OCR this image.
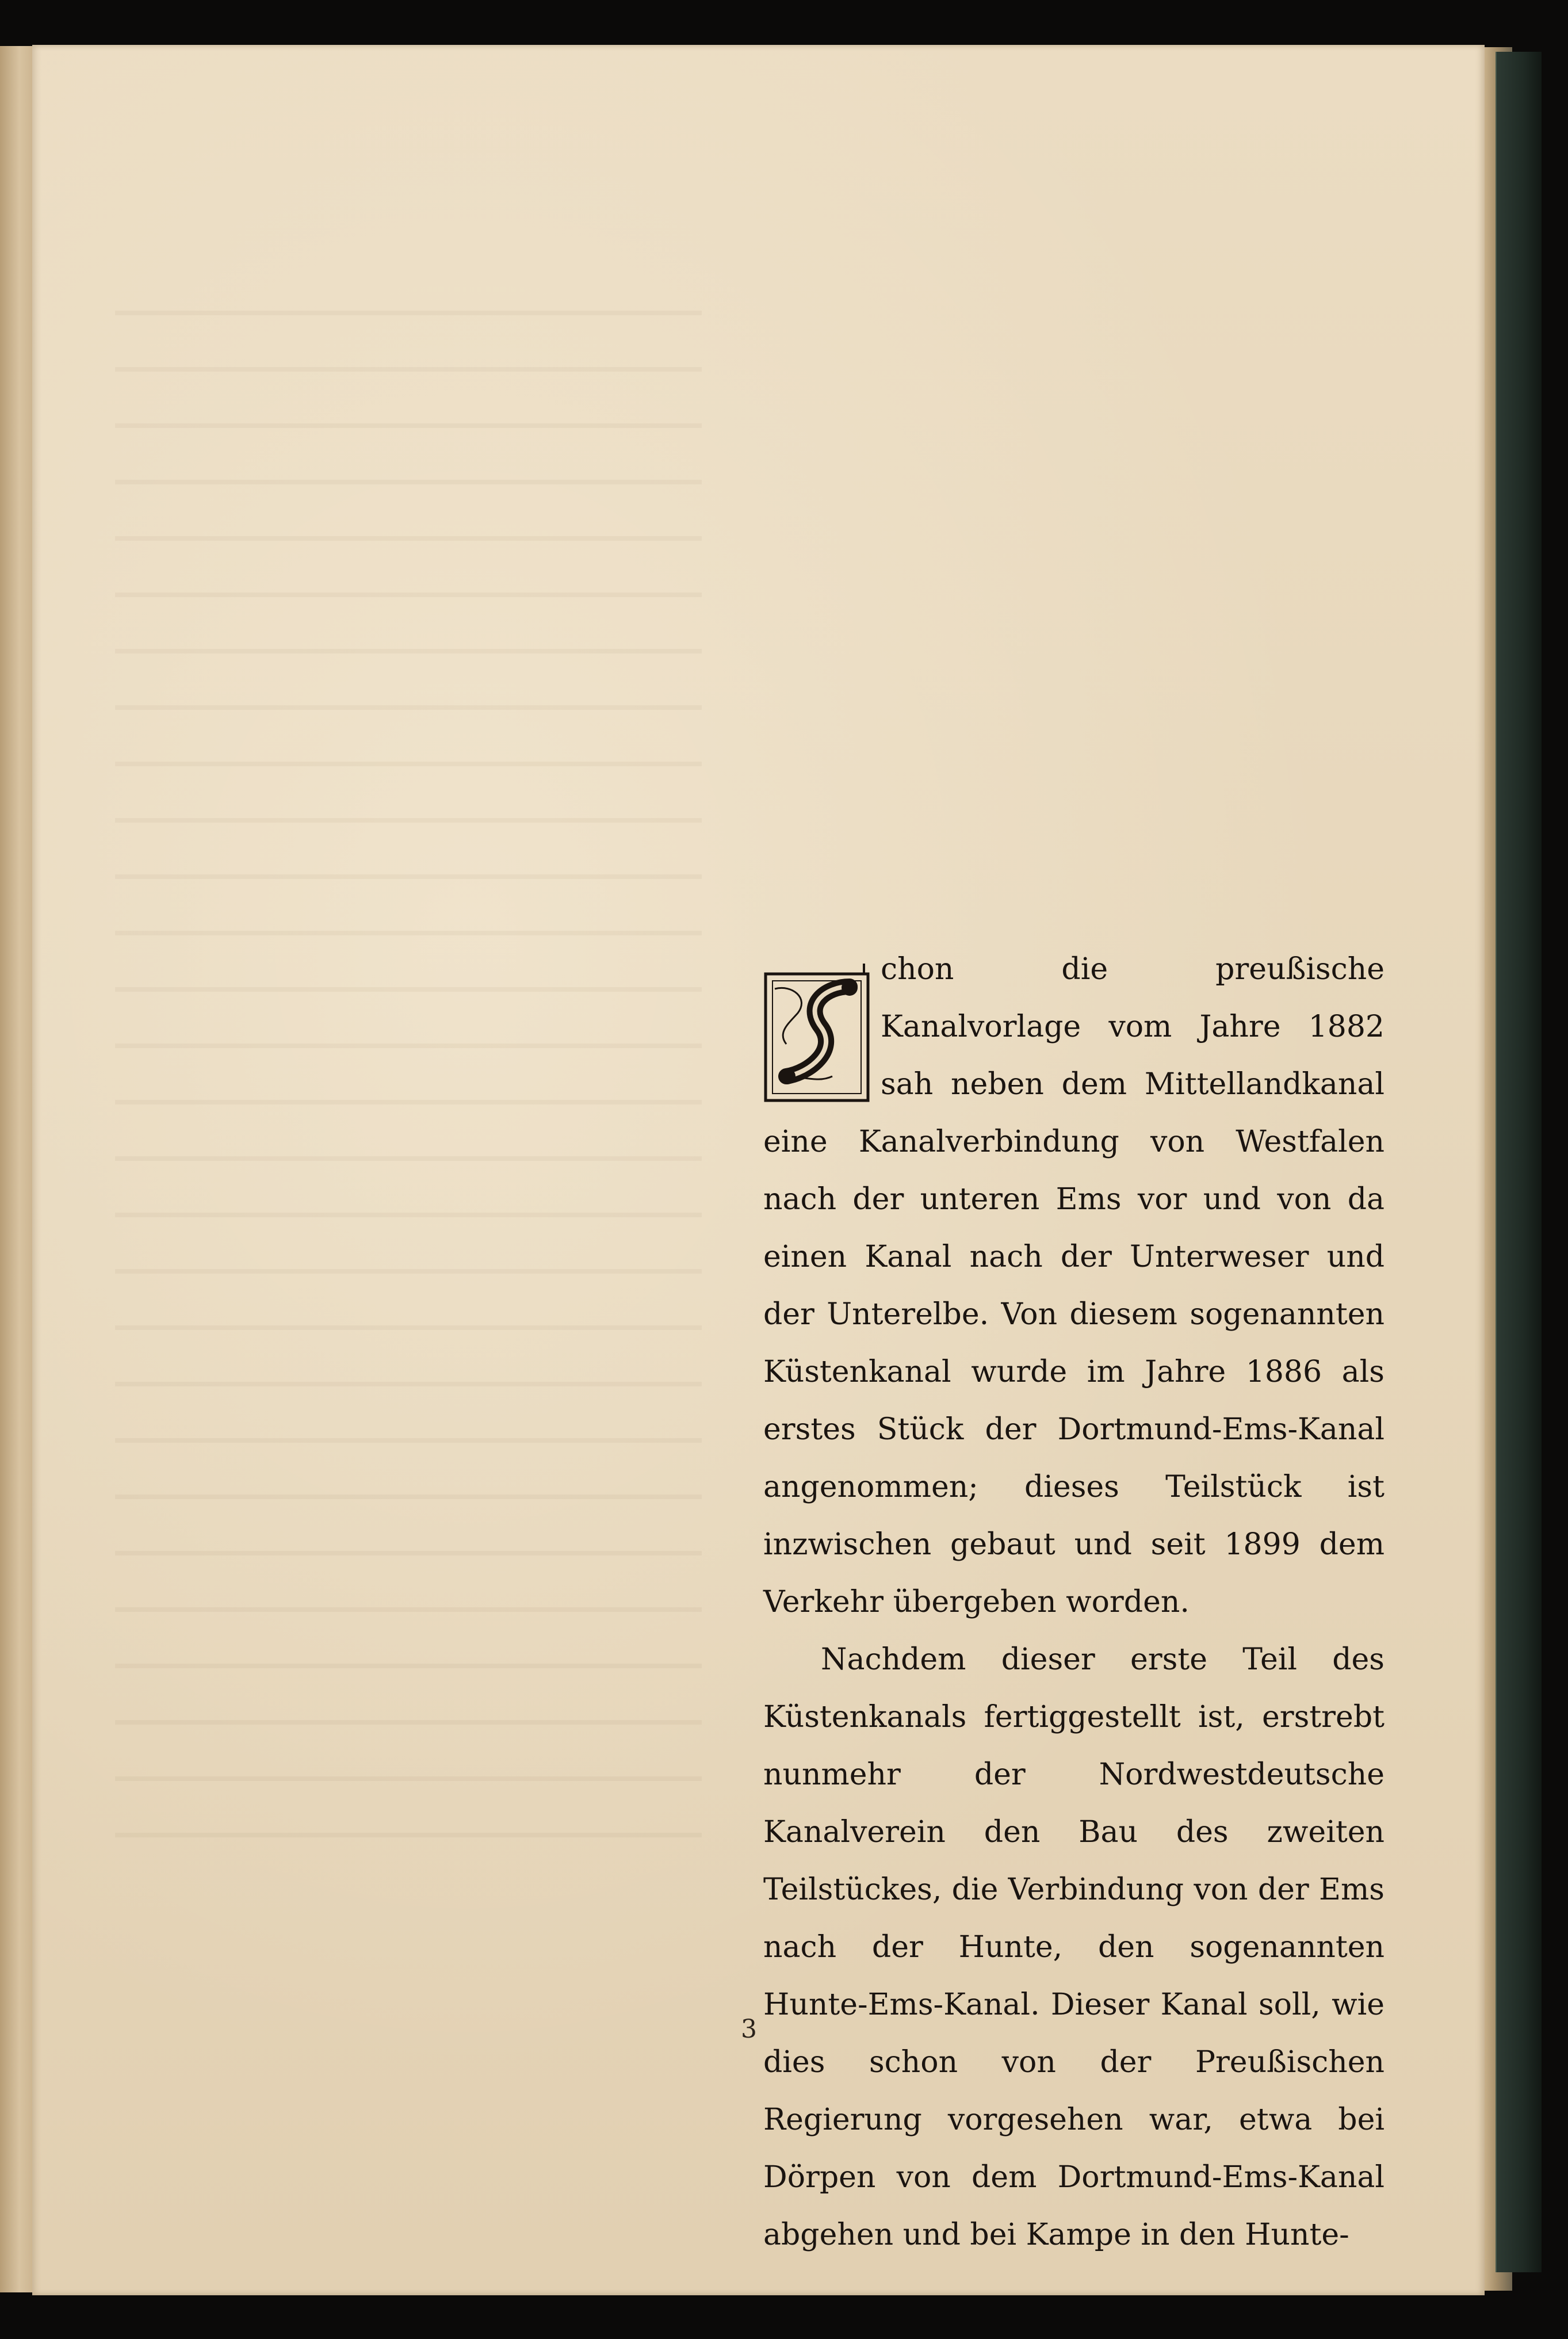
chon die preußische Kanalvorlage vom Jahre 1882 sah neben dem Mittellandkanal eine Kanalverbindung von Westfalen nach der unteren Ems vor und von da einen Kanal nach der Unterweser und der Unterelbe. Von diesem sogenannten Küstenkanal wurde im Jahre 1886 als erstes Stück der Dortmund-Ems-Kanal angenommen; dieses Teilstück ist inzwischen gebaut und seit 1899 dem Verkehr übergeben worden.

Nachdem dieser erste Teil des Küstenkanals fertiggestellt ist, erstrebt nunmehr der Nordwestdeutsche Kanalverein den Bau des zweiten Teilstückes, die Verbindung von der Ems nach der Hunte, den sogenannten Hunte-Ems-Kanal. Dieser Kanal soll, wie dies schon von der Preußischen Regierung vorgesehen war, etwa bei Dörpen von dem Dortmund-Ems-Kanal abgehen und bei Kampe in den Hunte-

3
